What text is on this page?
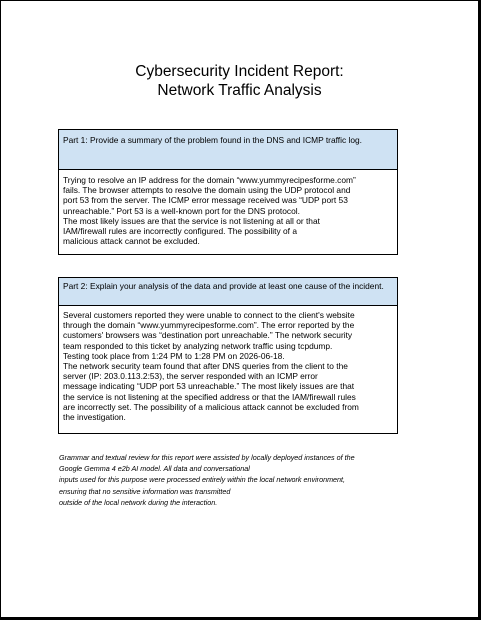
Cybersecurity Incident Report:
Network Traffic Analysis
Part 1: Provide a summary of the problem found in the DNS and ICMP traffic log.
Trying to resolve an IP address for the domain “www.yummyrecipesforme.com”
fails. The browser attempts to resolve the domain using the UDP protocol and
port 53 from the server. The ICMP error message received was “UDP port 53
unreachable.” Port 53 is a well-known port for the DNS protocol.
The most likely issues are that the service is not listening at all or that
IAM/firewall rules are incorrectly configured. The possibility of a
malicious attack cannot be excluded.
Part 2: Explain your analysis of the data and provide at least one cause of the incident.
Several customers reported they were unable to connect to the client's website
through the domain “www.yummyrecipesforme.com”. The error reported by the
customers' browsers was “destination port unreachable.” The network security
team responded to this ticket by analyzing network traffic using tcpdump.
Testing took place from 1:24 PM to 1:28 PM on 2026-06-18.
The network security team found that after DNS queries from the client to the
server (IP: 203.0.113.2:53), the server responded with an ICMP error
message indicating “UDP port 53 unreachable.” The most likely issues are that
the service is not listening at the specified address or that the IAM/firewall rules
are incorrectly set. The possibility of a malicious attack cannot be excluded from
the investigation.
Grammar and textual review for this report were assisted by locally deployed instances of the
Google Gemma 4 e2b AI model. All data and conversational
inputs used for this purpose were processed entirely within the local network environment,
ensuring that no sensitive information was transmitted
outside of the local network during the interaction.
